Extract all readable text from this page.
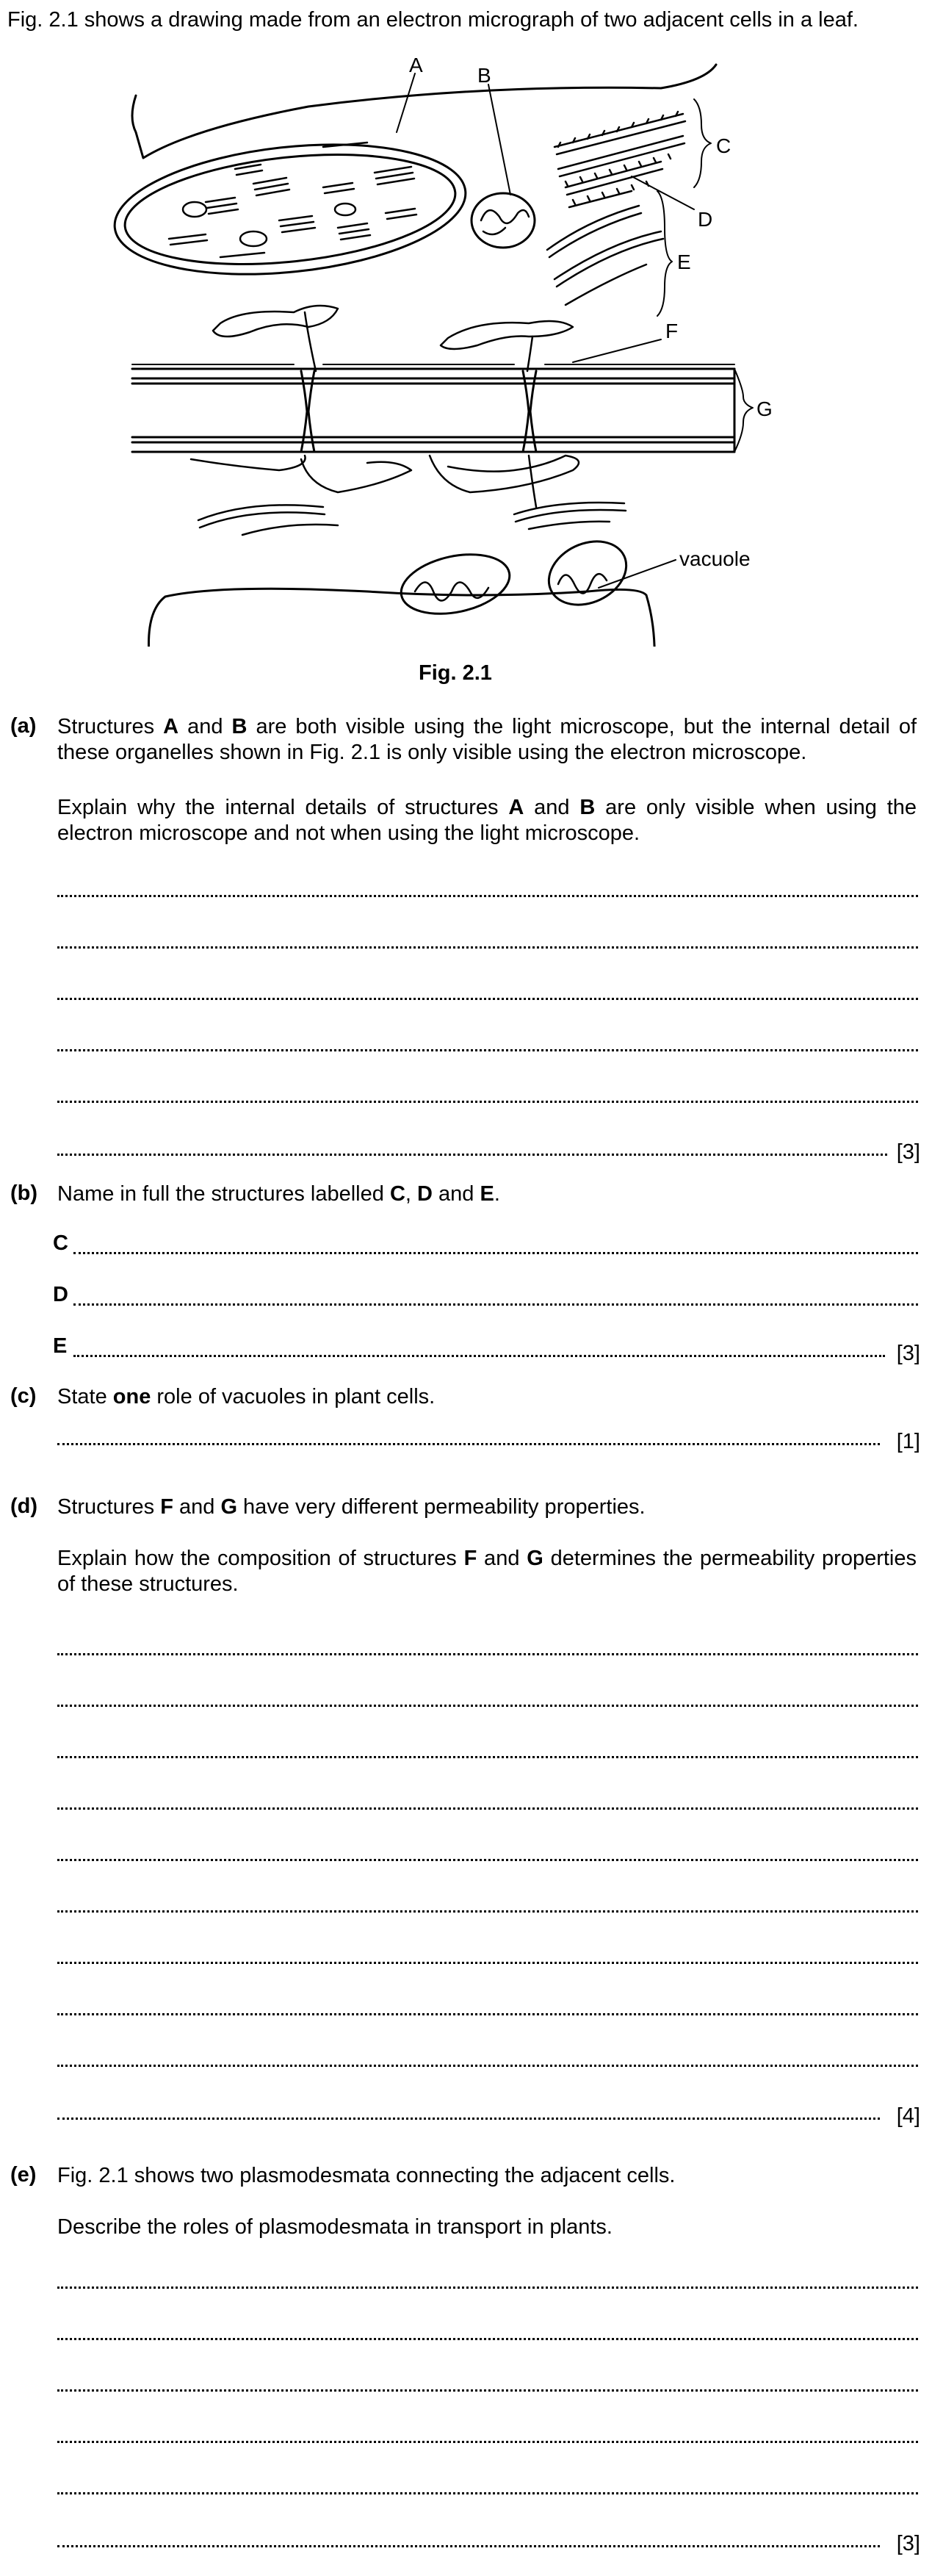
Fig. 2.1 shows a drawing made from an electron micrograph of two adjacent cells in a leaf.
A	B
C
D
E
F
G
vacuole
Fig. 2.1
(a) Structures A and B are both visible using the light microscope, but the internal detail of these organelles shown in Fig. 2.1 is only visible using the electron microscope.
Explain why the internal details of structures A and B are only visible when using the electron microscope and not when using the light microscope.
[3]
(b) Name in full the structures labelled C, D and E.
C
D
E	[3]
(c) State one role of vacuoles in plant cells.
[1]
(d) Structures F and G have very different permeability properties.
Explain how the composition of structures F and G determines the permeability properties of these structures.
[4]
(e) Fig. 2.1 shows two plasmodesmata connecting the adjacent cells.
Describe the roles of plasmodesmata in transport in plants.
[3]
